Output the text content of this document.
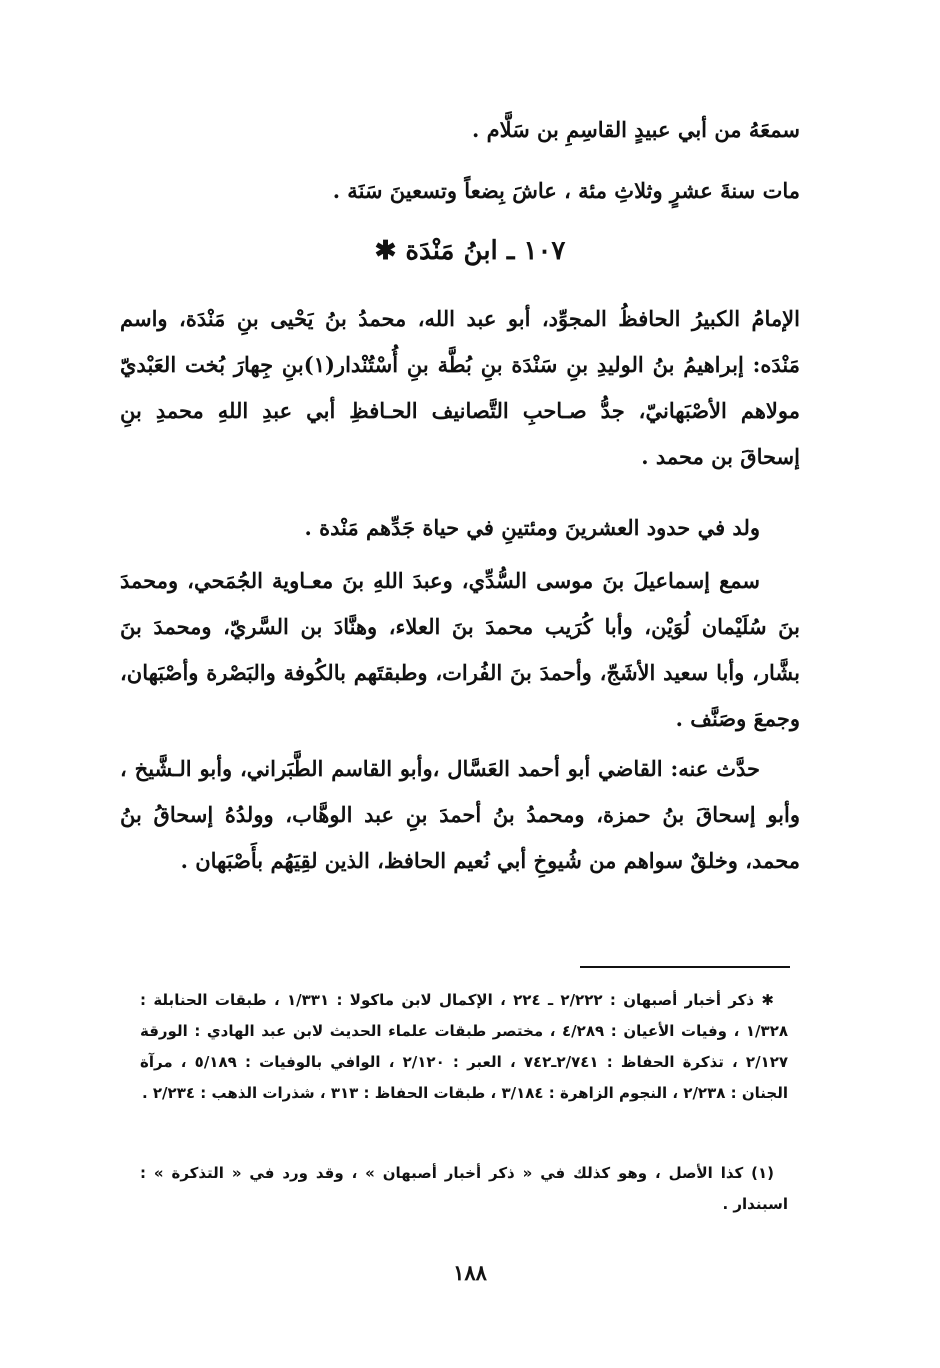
سمعَهُ من أبي عبيدٍ القاسِمِ بن سَلَّام .
مات سنةَ عشرٍ وثلاثِ مئة ، عاشَ بِضعاً وتسعينَ سَنَة .
١٠٧ ـ ابنُ مَنْدَة ✱
الإمامُ الكبيرُ الحافظُ المجوِّد، أبو عبد الله، محمدُ بنُ يَحْيى بنِ مَنْدَة، واسم مَنْدَه: إبراهيمُ بنُ الوليدِ بنِ سَنْدَة بنِ بُطَّة بنِ أُسْتُنْدار(١)بنِ جِهارَ بُخت العَبْديّ مولاهم الأصْبَهانيّ، جدُّ صـاحبِ التَّصانيف الحـافظِ أبي عبدِ اللهِ محمدِ بنِ إسحاقَ بن محمد .
ولد في حدود العشرينَ ومئتينِ في حياة جَدِّهم مَنْدة .
سمع إسماعيلَ بنَ موسى السُّدِّي، وعبدَ اللهِ بنَ معـاوية الجُمَحي، ومحمدَ بنَ سُلَيْمان لُوَيْن، وأبا كُرَيب محمدَ بنَ العلاء، وهنَّادَ بن السَّريّ، ومحمدَ بنَ بشَّار، وأبا سعيد الأشَجّ، وأحمدَ بنَ الفُرات، وطبقتَهم بالكُوفة والبَصْرة وأصْبَهان، وجمعَ وصَنَّف .
حدَّث عنه: القاضي أبو أحمد العَسَّال ،وأبو القاسم الطَّبَراني، وأبو الـشَّيخ ، وأبو إسحاقَ بنُ حمزة، ومحمدُ بنُ أحمدَ بنِ عبد الوهَّاب، وولدُهُ إسحاقُ بنُ محمد، وخلقٌ سواهم من شُيوخِ أبي نُعيم الحافظ، الذين لقِيَهُم بأَصْبَهان .
✱ ذكر أخبار أصبهان : ٢/٢٢٢ ـ ٢٢٤ ، الإكمال لابن ماكولا : ١/٣٣١ ، طبقات الحنابلة : ١/٣٢٨ ، وفيات الأعيان : ٤/٢٨٩ ، مختصر طبقات علماء الحديث لابن عبد الهادي : الورقة ٢/١٢٧ ، تذكرة الحفاظ : ٢/٧٤١ـ٧٤٢ ، العبر : ٢/١٢٠ ، الوافي بالوفيات : ٥/١٨٩ ، مرآة الجنان : ٢/٢٣٨ ، النجوم الزاهرة : ٣/١٨٤ ، طبقات الحفاظ : ٣١٣ ، شذرات الذهب : ٢/٢٣٤ .
(١) كذا الأصل ، وهو كذلك في « ذكر أخبار أصبهان » ، وقد ورد في « التذكرة » : اسبندار .
١٨٨
